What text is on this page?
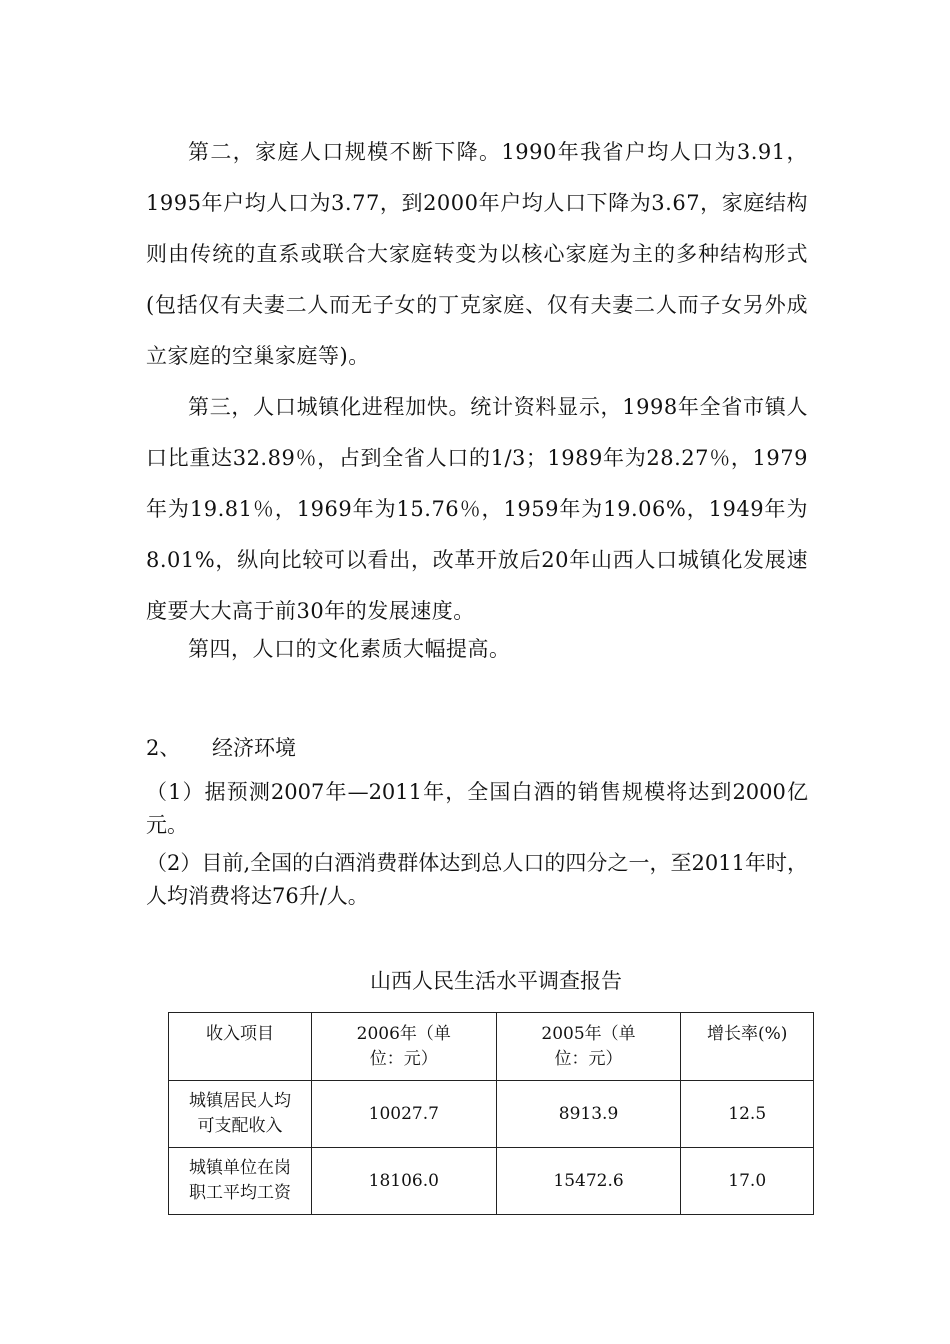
第二，家庭人口规模不断下降。1990年我省户均人口为3.91，1995年户均人口为3.77，到2000年户均人口下降为3.67，家庭结构则由传统的直系或联合大家庭转变为以核心家庭为主的多种结构形式(包括仅有夫妻二人而无子女的丁克家庭、仅有夫妻二人而子女另外成立家庭的空巢家庭等)。

第三，人口城镇化进程加快。统计资料显示，1998年全省市镇人口比重达32.89％，占到全省人口的1/3；1989年为28.27％，1979年为19.81％，1969年为15.76％，1959年为19.06%，1949年为8.01%，纵向比较可以看出，改革开放后20年山西人口城镇化发展速度要大大高于前30年的发展速度。

第四，人口的文化素质大幅提高。

2、 经济环境

（1）据预测2007年—2011年，全国白酒的销售规模将达到2000亿元。

（2）目前,全国的白酒消费群体达到总人口的四分之一，至2011年时，人均消费将达76升/人。

山西人民生活水平调查报告
收入项目	2006年（单位：元）	2005年（单位：元）	增长率(%)
城镇居民人均可支配收入	10027.7	8913.9	12.5
城镇单位在岗职工平均工资	18106.0	15472.6	17.0
